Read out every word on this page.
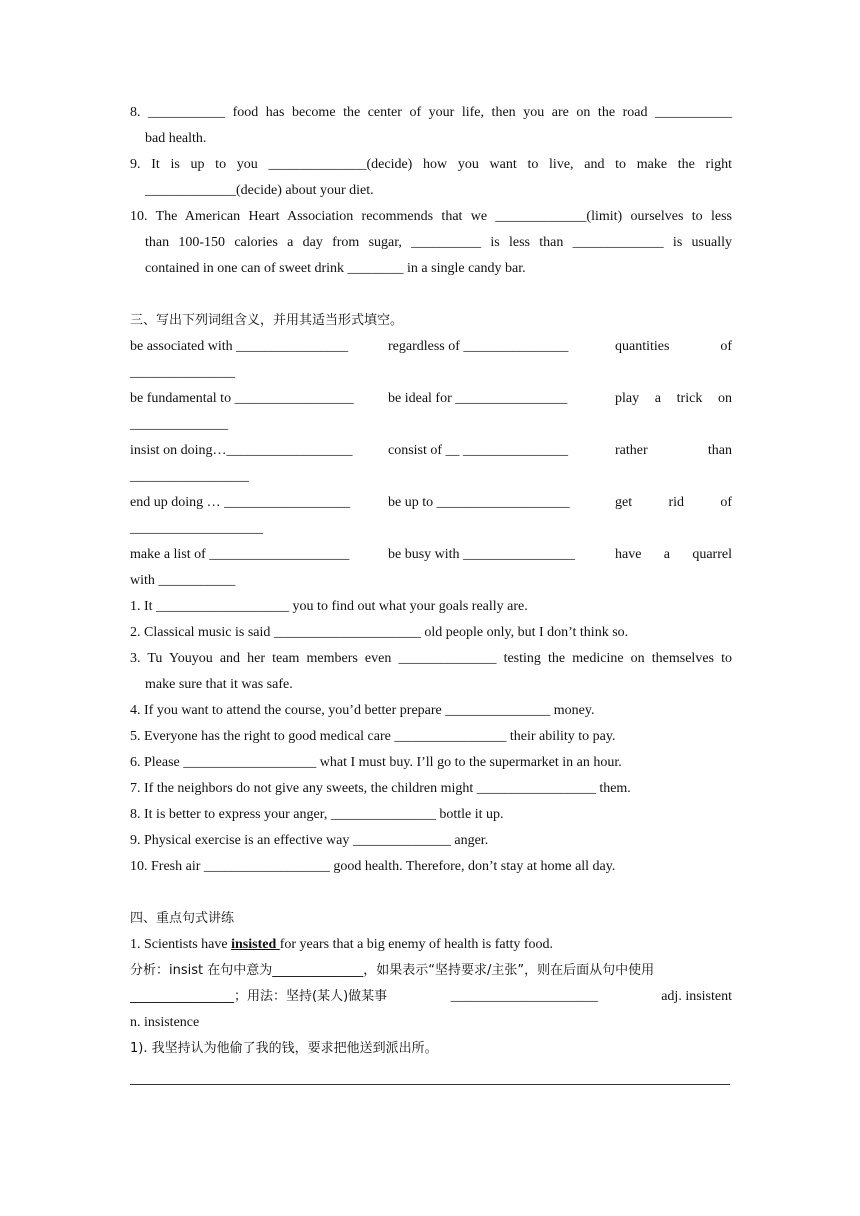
8. ___________ food has become the center of your life, then you are on the road ___________
bad health.
9. It is up to you ______________(decide) how you want to live, and to make the right
_____________(decide) about your diet.
10. The American Heart Association recommends that we _____________(limit) ourselves to less
than 100-150 calories a day from sugar, __________ is less than _____________ is usually
contained in one can of sweet drink ________ in a single candy bar.
三、写出下列词组含义，并用其适当形式填空。
be associated with ________________	regardless of _______________	quantities	of
_______________
be fundamental to _________________	be ideal for ________________	play a trick on
______________
insist on doing…__________________	consist of __ _______________	rather	than
_________________
end up doing … __________________	be up to ___________________	get	rid	of
___________________
make a list of ____________________	be busy with ________________	have a quarrel
with ___________
1. It ___________________ you to find out what your goals really are.
2. Classical music is said _____________________ old people only, but I don’t think so.
3. Tu Youyou and her team members even ______________ testing the medicine on themselves to
make sure that it was safe.
4. If you want to attend the course, you’d better prepare _______________ money.
5. Everyone has the right to good medical care ________________ their ability to pay.
6. Please ___________________ what I must buy. I’ll go to the supermarket in an hour.
7. If the neighbors do not give any sweets, the children might _________________ them.
8. It is better to express your anger, _______________ bottle it up.
9. Physical exercise is an effective way ______________ anger.
10. Fresh air __________________ good health. Therefore, don’t stay at home all day.
四、重点句式讲练
1. Scientists have insisted for years that a big enemy of health is fatty food.
分析：insist 在句中意为______________，如果表示“坚持要求/主张”，则在后面从句中使用
________________；用法：坚持(某人)做某事	_____________________	adj. insistent
n. insistence
1). 我坚持认为他偷了我的钱，要求把他送到派出所。
